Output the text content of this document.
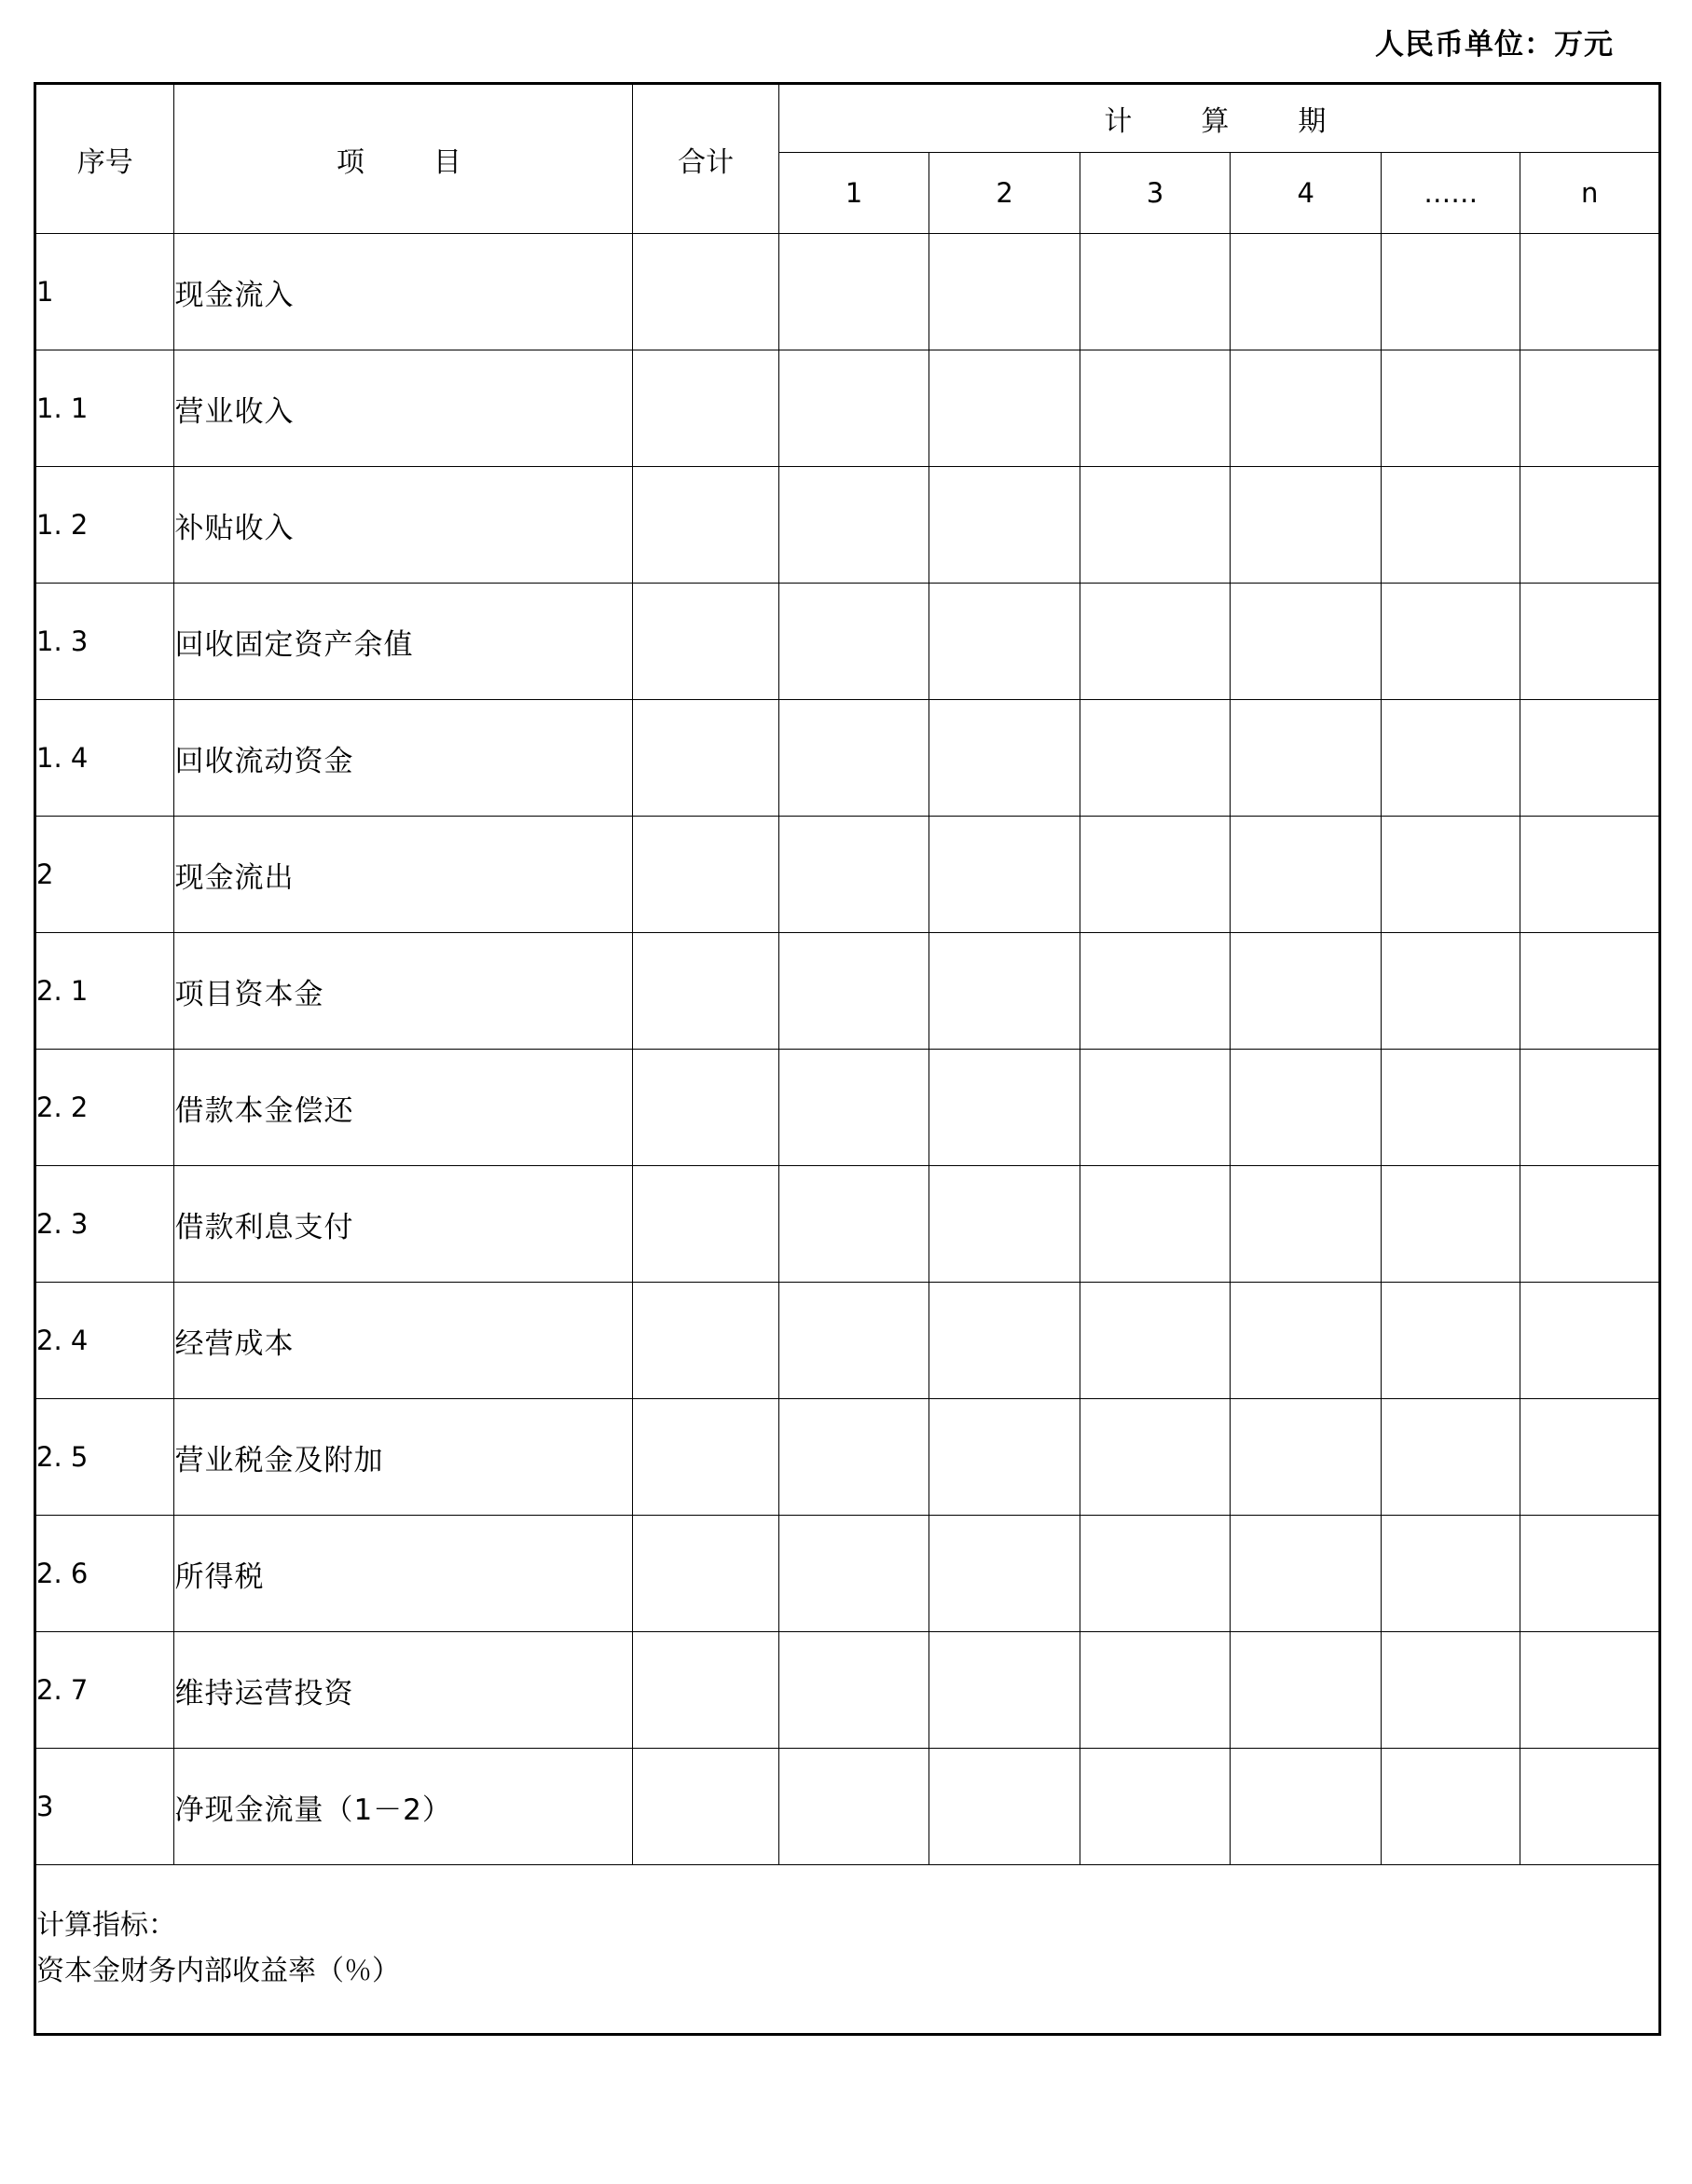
人民币单位：万元
序号	项　目	合计	计　算　期					
			1	2	3	4	……	n
1	现金流入							
1. 1	营业收入							
1. 2	补贴收入							
1. 3	回收固定资产余值							
1. 4	回收流动资金							
2	现金流出							
2. 1	项目资本金							
2. 2	借款本金偿还							
2. 3	借款利息支付							
2. 4	经营成本							
2. 5	营业税金及附加							
2. 6	所得税							
2. 7	维持运营投资							
3	净现金流量（1－2）							

计算指标：
资本金财务内部收益率（％）								
